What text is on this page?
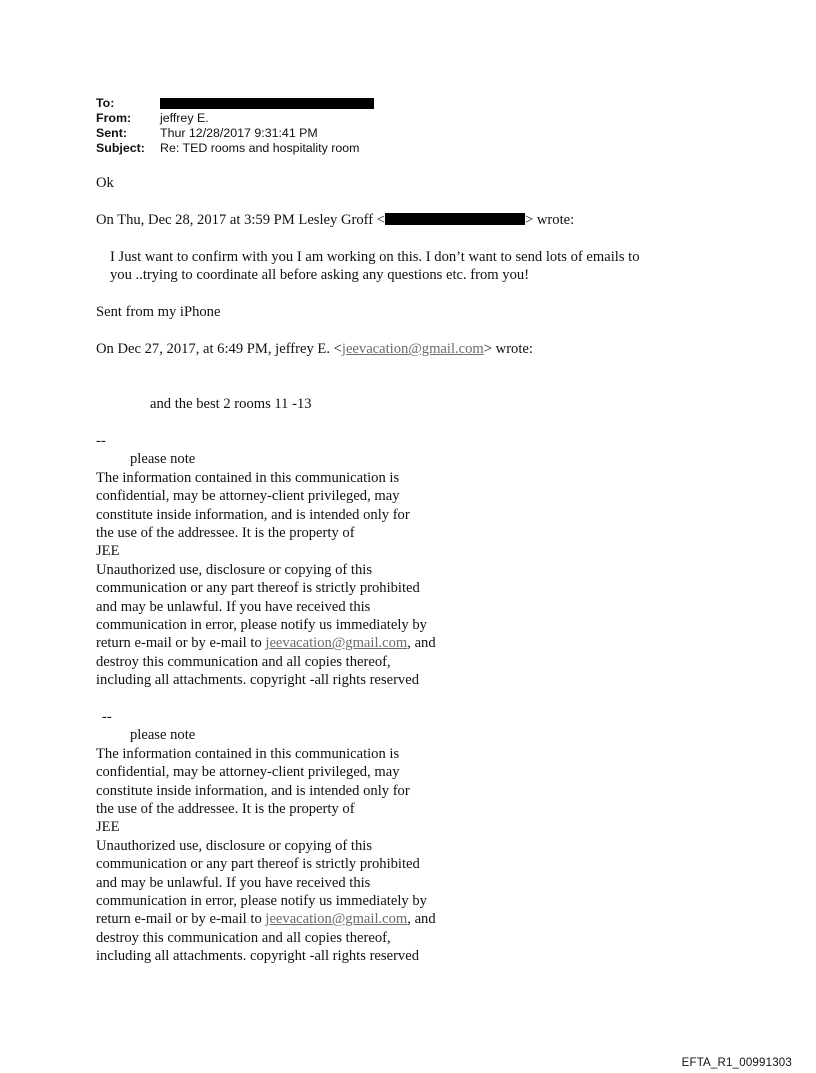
To:
From:	jeffrey E.
Sent:	Thur 12/28/2017 9:31:41 PM
Subject:	Re: TED rooms and hospitality room
Ok
On Thu, Dec 28, 2017 at 3:59 PM Lesley Groff <	> wrote:
I Just want to confirm with you I am working on this. I don’t want to send lots of emails to
you ..trying to coordinate all before asking any questions etc. from you!
Sent from my iPhone
On Dec 27, 2017, at 6:49 PM, jeffrey E. <jeevacation@gmail.com> wrote:
and the best 2 rooms 11 -13
--
please note
The information contained in this communication is
confidential, may be attorney-client privileged, may
constitute inside information, and is intended only for
the use of the addressee. It is the property of
JEE
Unauthorized use, disclosure or copying of this
communication or any part thereof is strictly prohibited
and may be unlawful. If you have received this
communication in error, please notify us immediately by
return e-mail or by e-mail to jeevacation@gmail.com, and
destroy this communication and all copies thereof,
including all attachments. copyright -all rights reserved
--
please note
The information contained in this communication is
confidential, may be attorney-client privileged, may
constitute inside information, and is intended only for
the use of the addressee. It is the property of
JEE
Unauthorized use, disclosure or copying of this
communication or any part thereof is strictly prohibited
and may be unlawful. If you have received this
communication in error, please notify us immediately by
return e-mail or by e-mail to jeevacation@gmail.com, and
destroy this communication and all copies thereof,
including all attachments. copyright -all rights reserved
EFTA_R1_00991303
